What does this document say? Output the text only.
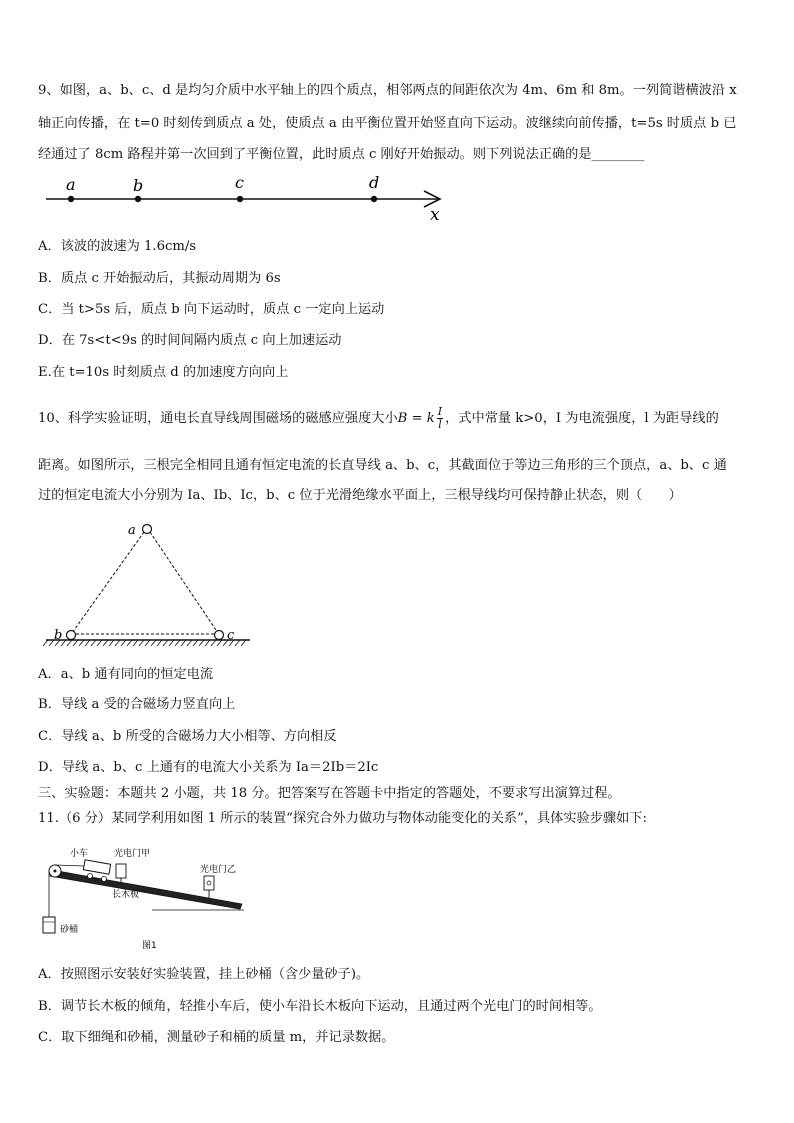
9、如图，a、b、c、d 是均匀介质中水平轴上的四个质点，相邻两点的间距依次为 4m、6m 和 8m。一列简谐横波沿 x
轴正向传播，在 t=0 时刻传到质点 a 处，使质点 a 由平衡位置开始竖直向下运动。波继续向前传播，t=5s 时质点 b 已
经通过了 8cm 路程并第一次回到了平衡位置，此时质点 c 刚好开始振动。则下列说法正确的是________
a	b	c	d
x
A．该波的波速为 1.6cm/s
B．质点 c 开始振动后，其振动周期为 6s
C．当 t>5s 后，质点 b 向下运动时，质点 c 一定向上运动
D．在 7s<t<9s 的时间间隔内质点 c 向上加速运动
E.在 t=10s 时刻质点 d 的加速度方向向上
10、科学实验证明，通电长直导线周围磁场的磁感应强度大小B = k $\frac{I}{l}$ ，式中常量 k>0，I 为电流强度，l 为距导线的
距离。如图所示，三根完全相同且通有恒定电流的长直导线 a、b、c，其截面位于等边三角形的三个顶点，a、b、c 通
过的恒定电流大小分别为 Ia、Ib、Ic，b、c 位于光滑绝缘水平面上，三根导线均可保持静止状态，则（　　）
a
b	c
A．a、b 通有同向的恒定电流
B．导线 a 受的合磁场力竖直向上
C．导线 a、b 所受的合磁场力大小相等、方向相反
D．导线 a、b、c 上通有的电流大小关系为 Ia＝2Ib＝2Ic
三、实验题：本题共 2 小题，共 18 分。把答案写在答题卡中指定的答题处，不要求写出演算过程。
11.（6 分）某同学利用如图 1 所示的装置“探究合外力做功与物体动能变化的关系”，具体实验步骤如下:
小车	光电门甲
光电门乙
长木板
砂桶
图1
A．按照图示安装好实验装置，挂上砂桶（含少量砂子)。
B．调节长木板的倾角，轻推小车后，使小车沿长木板向下运动，且通过两个光电门的时间相等。
C．取下细绳和砂桶，测量砂子和桶的质量 m，并记录数据。
